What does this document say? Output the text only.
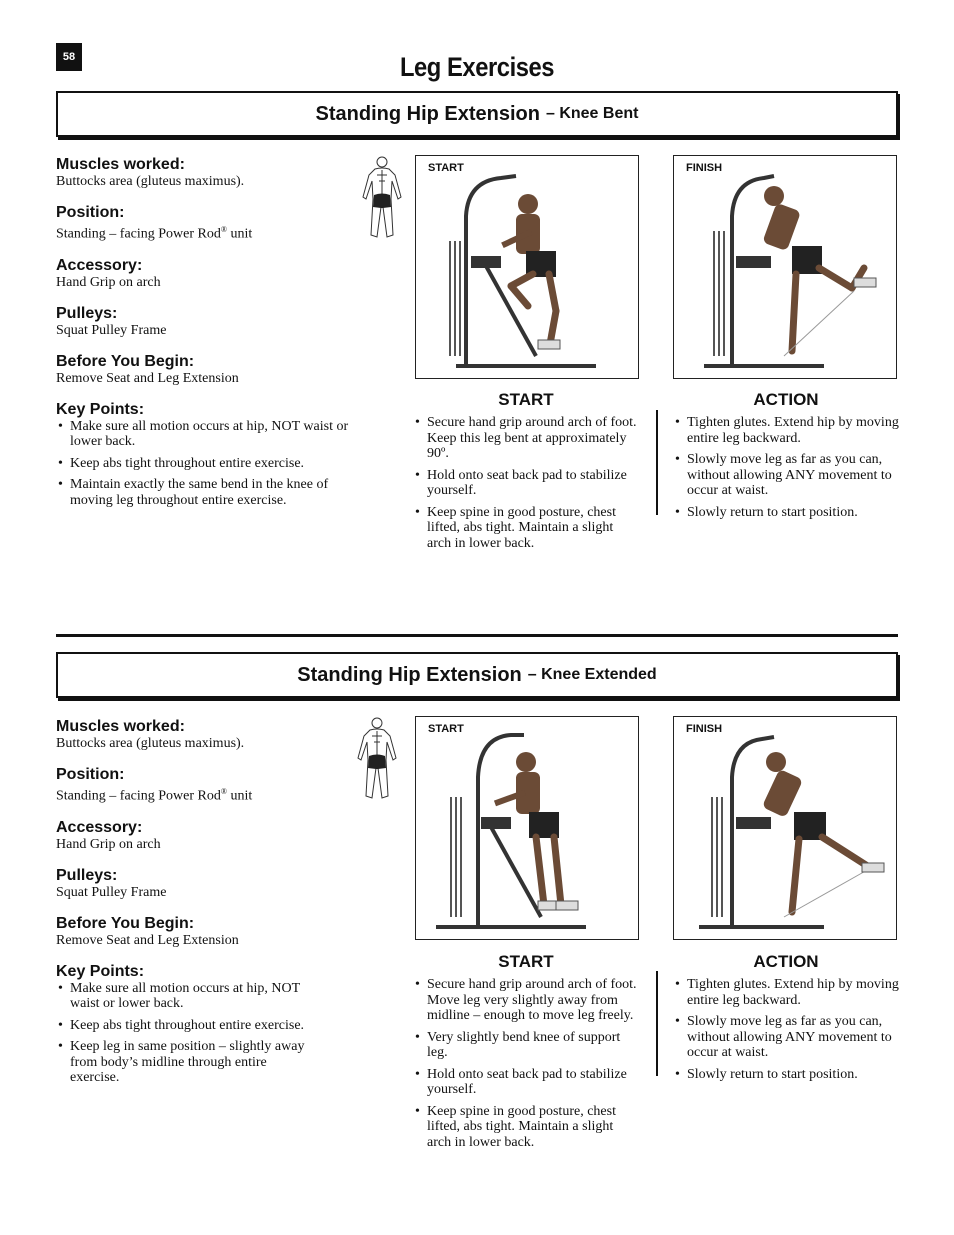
58	Leg Exercises
Standing Hip Extension – Knee Bent

Muscles worked:

Buttocks area (gluteus maximus).

Position:

Standing – facing Power Rod® unit

Accessory:

Hand Grip on arch

Pulleys:

Squat Pulley Frame

Before You Begin:

Remove Seat and Leg Extension

Key Points:

• Make sure all motion occurs at hip, NOT waist or lower back.
• Keep abs tight throughout entire exercise.
• Maintain exactly the same bend in the knee of moving leg throughout entire exercise.
START	FINISH

START

• Secure hand grip around arch of foot. Keep this leg bent at approximately 90º.
• Hold onto seat back pad to stabilize yourself.
• Keep spine in good posture, chest lifted, abs tight. Maintain a slight arch in lower back.

ACTION

• Tighten glutes. Extend hip by moving entire leg backward.
• Slowly move leg as far as you can, without allowing ANY movement to occur at waist.
• Slowly return to start position.
Standing Hip Extension – Knee Extended

Muscles worked:

Buttocks area (gluteus maximus).

Position:

Standing – facing Power Rod® unit

Accessory:

Hand Grip on arch

Pulleys:

Squat Pulley Frame

Before You Begin:

Remove Seat and Leg Extension

Key Points:

• Make sure all motion occurs at hip, NOT waist or lower back.
• Keep abs tight throughout entire exercise.
• Keep leg in same position – slightly away from body’s midline through entire exercise.
START	FINISH

START

• Secure hand grip around arch of foot. Move leg very slightly away from midline – enough to move leg freely.
• Very slightly bend knee of support leg.
• Hold onto seat back pad to stabilize yourself.
• Keep spine in good posture, chest lifted, abs tight. Maintain a slight arch in lower back.

ACTION

• Tighten glutes. Extend hip by moving entire leg backward.
• Slowly move leg as far as you can, without allowing ANY movement to occur at waist.
• Slowly return to start position.
